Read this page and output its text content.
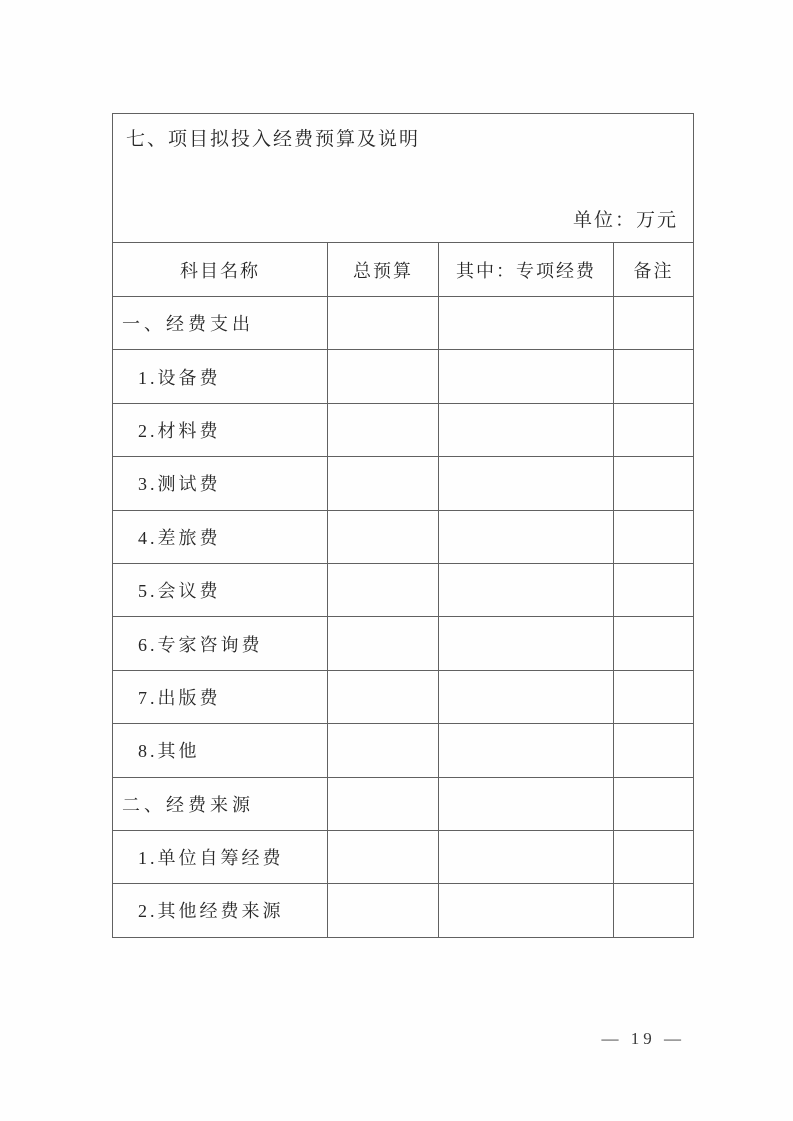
七、项目拟投入经费预算及说明
单位：万元			

科目名称	总预算	其中：专项经费	备注
一、经费支出			
1.设备费			
2.材料费			
3.测试费			
4.差旅费			
5.会议费			
6.专家咨询费			
7.出版费			
8.其他			
二、经费来源			
1.单位自筹经费			
2.其他经费来源			
— 19 —
